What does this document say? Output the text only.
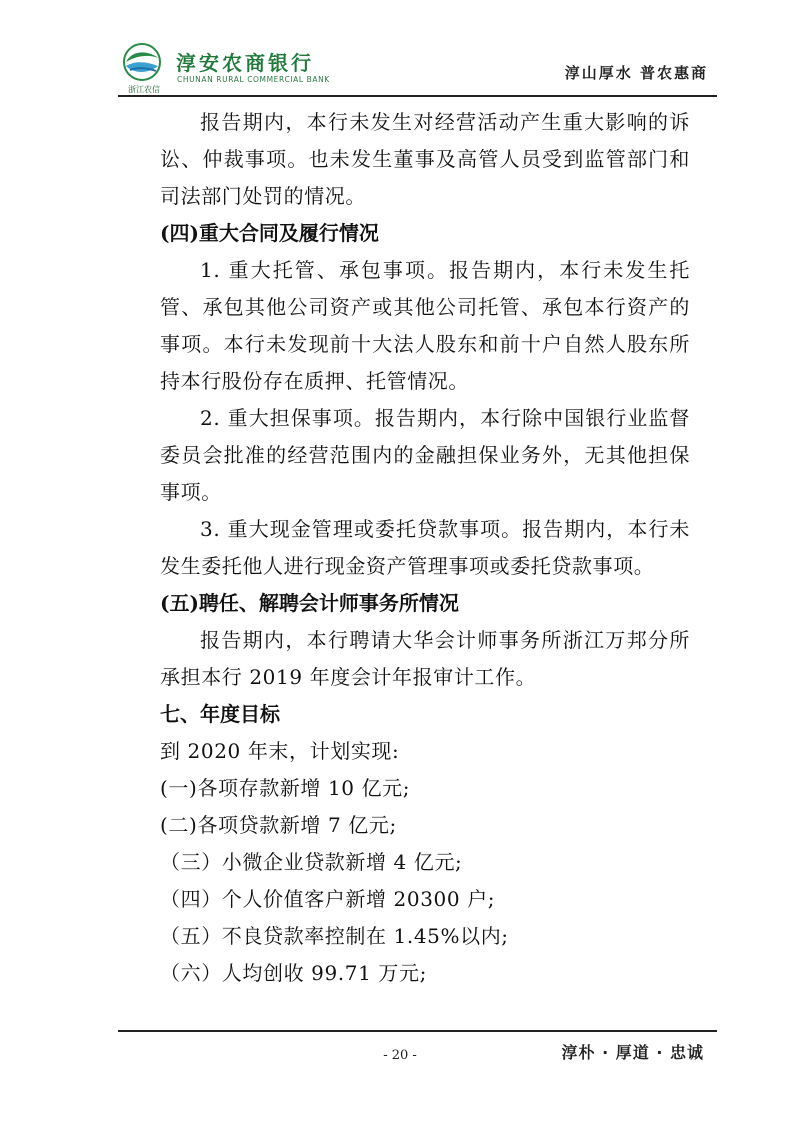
浙江农信
淳安农商银行
CHUNAN RURAL COMMERCIAL BANK	淳山厚水 普农惠商

报告期内，本行未发生对经营活动产生重大影响的诉讼、仲裁事项。也未发生董事及高管人员受到监管部门和司法部门处罚的情况。

(四)重大合同及履行情况

1. 重大托管、承包事项。报告期内，本行未发生托管、承包其他公司资产或其他公司托管、承包本行资产的事项。本行未发现前十大法人股东和前十户自然人股东所持本行股份存在质押、托管情况。

2. 重大担保事项。报告期内，本行除中国银行业监督委员会批准的经营范围内的金融担保业务外，无其他担保事项。

3. 重大现金管理或委托贷款事项。报告期内，本行未发生委托他人进行现金资产管理事项或委托贷款事项。

(五)聘任、解聘会计师事务所情况

报告期内，本行聘请大华会计师事务所浙江万邦分所承担本行 2019 年度会计年报审计工作。

七、年度目标

到 2020 年末，计划实现:

(一)各项存款新增 10 亿元;

(二)各项贷款新增 7 亿元;

（三）小微企业贷款新增 4 亿元;

（四）个人价值客户新增 20300 户;

（五）不良贷款率控制在 1.45%以内;

（六）人均创收 99.71 万元;

- 20 -	淳朴 · 厚道 · 忠诚
